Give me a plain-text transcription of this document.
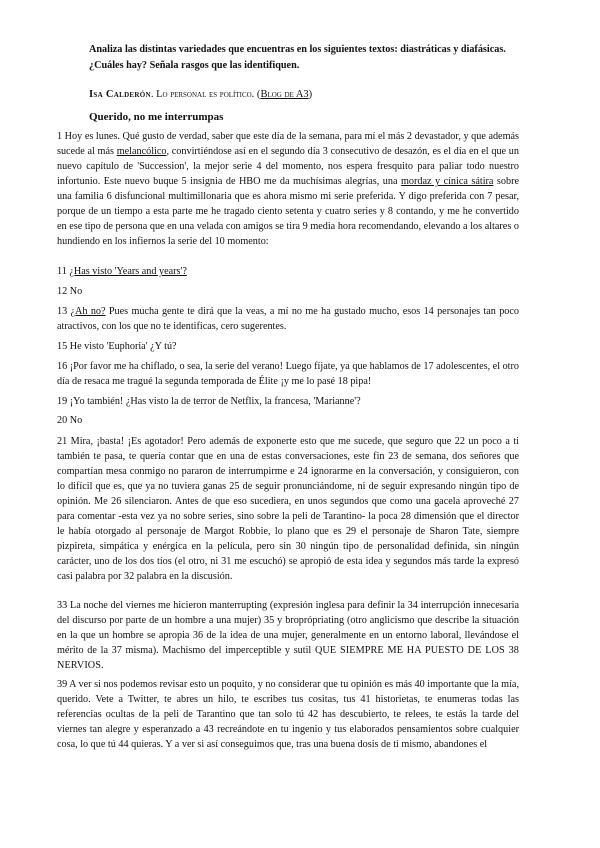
Analiza las distintas variedades que encuentras en los siguientes textos: diastráticas y diafásicas. ¿Cuáles hay? Señala rasgos que las identifiquen.
Isa Calderón. Lo personal es político. (Blog de A3)
Querido, no me interrumpas
1 Hoy es lunes. Qué gusto de verdad, saber que este día de la semana, para mí el más 2 devastador, y que además sucede al más melancólico, convirtiéndose así en el segundo día 3 consecutivo de desazón, es el día en el que un nuevo capítulo de 'Succession', la mejor serie 4 del momento, nos espera fresquito para paliar todo nuestro infortunio. Este nuevo buque 5 insignia de HBO me da muchísimas alegrías, una mordaz y cínica sátira sobre una familia 6 disfuncional multimillonaria que es ahora mismo mi serie preferida. Y digo preferida con 7 pesar, porque de un tiempo a esta parte me he tragado ciento setenta y cuatro series y 8 contando, y me he convertido en ese tipo de persona que en una velada con amigos se tira 9 media hora recomendando, elevando a los altares o hundiendo en los infiernos la serie del 10 momento:
11 ¿Has visto 'Years and years'?
12 No
13 ¿Ah no? Pues mucha gente te dirá que la veas, a mí no me ha gustado mucho, esos 14 personajes tan poco atractivos, con los que no te identificas, cero sugerentes.
15 He visto 'Euphoria' ¿Y tú?
16 ¡Por favor me ha chiflado, o sea, la serie del verano! Luego fíjate, ya que hablamos de 17 adolescentes, el otro día de resaca me tragué la segunda temporada de Élite ¡y me lo pasé 18 pipa!
19 ¡Yo también! ¿Has visto la de terror de Netflix, la francesa, 'Marianne'?
20 No
21 Mira, ¡basta! ¡Es agotador! Pero además de exponerte esto que me sucede, que seguro que 22 un poco a ti también te pasa, te quería contar que en una de estas conversaciones, este fin 23 de semana, dos señores que compartían mesa conmigo no pararon de interrumpirme e 24 ignorarme en la conversación, y consiguieron, con lo difícil que es, que ya no tuviera ganas 25 de seguir pronunciándome, ni de seguir expresando ningún tipo de opinión. Me 26 silenciaron. Antes de que eso sucediera, en unos segundos que como una gacela aproveché 27 para comentar -esta vez ya no sobre series, sino sobre la peli de Tarantino- la poca 28 dimensión que el director le había otorgado al personaje de Margot Robbie, lo plano que es 29 el personaje de Sharon Tate, siempre pizpireta, simpática y enérgica en la película, pero sin 30 ningún tipo de personalidad definida, sin ningún carácter, uno de los dos tíos (el otro, ni 31 me escuchó) se apropió de esta idea y segundos más tarde la expresó casi palabra por 32 palabra en la discusión.
33 La noche del viernes me hicieron manterrupting (expresión inglesa para definir la 34 interrupción innecesaria del discurso por parte de un hombre a una mujer) 35 y broprópriating (otro anglicismo que describe la situación en la que un hombre se apropia 36 de la idea de una mujer, generalmente en un entorno laboral, llevándose el mérito de la 37 misma). Machismo del imperceptible y sutil QUE SIEMPRE ME HA PUESTO DE LOS 38 NERVIOS.
39 A ver si nos podemos revisar esto un poquito, y no considerar que tu opinión es más 40 importante que la mía, querido. Vete a Twitter, te abres un hilo, te escribes tus cositas, tus 41 historietas, te enumeras todas las referencias ocultas de la peli de Tarantino que tan solo tú 42 has descubierto, te relees, te estás la tarde del viernes tan alegre y esperanzado a 43 recreándote en tu ingenio y tus elaborados pensamientos sobre cualquier cosa, lo que tú 44 quieras. Y a ver si así conseguimos que, tras una buena dosis de ti mismo, abandones el
